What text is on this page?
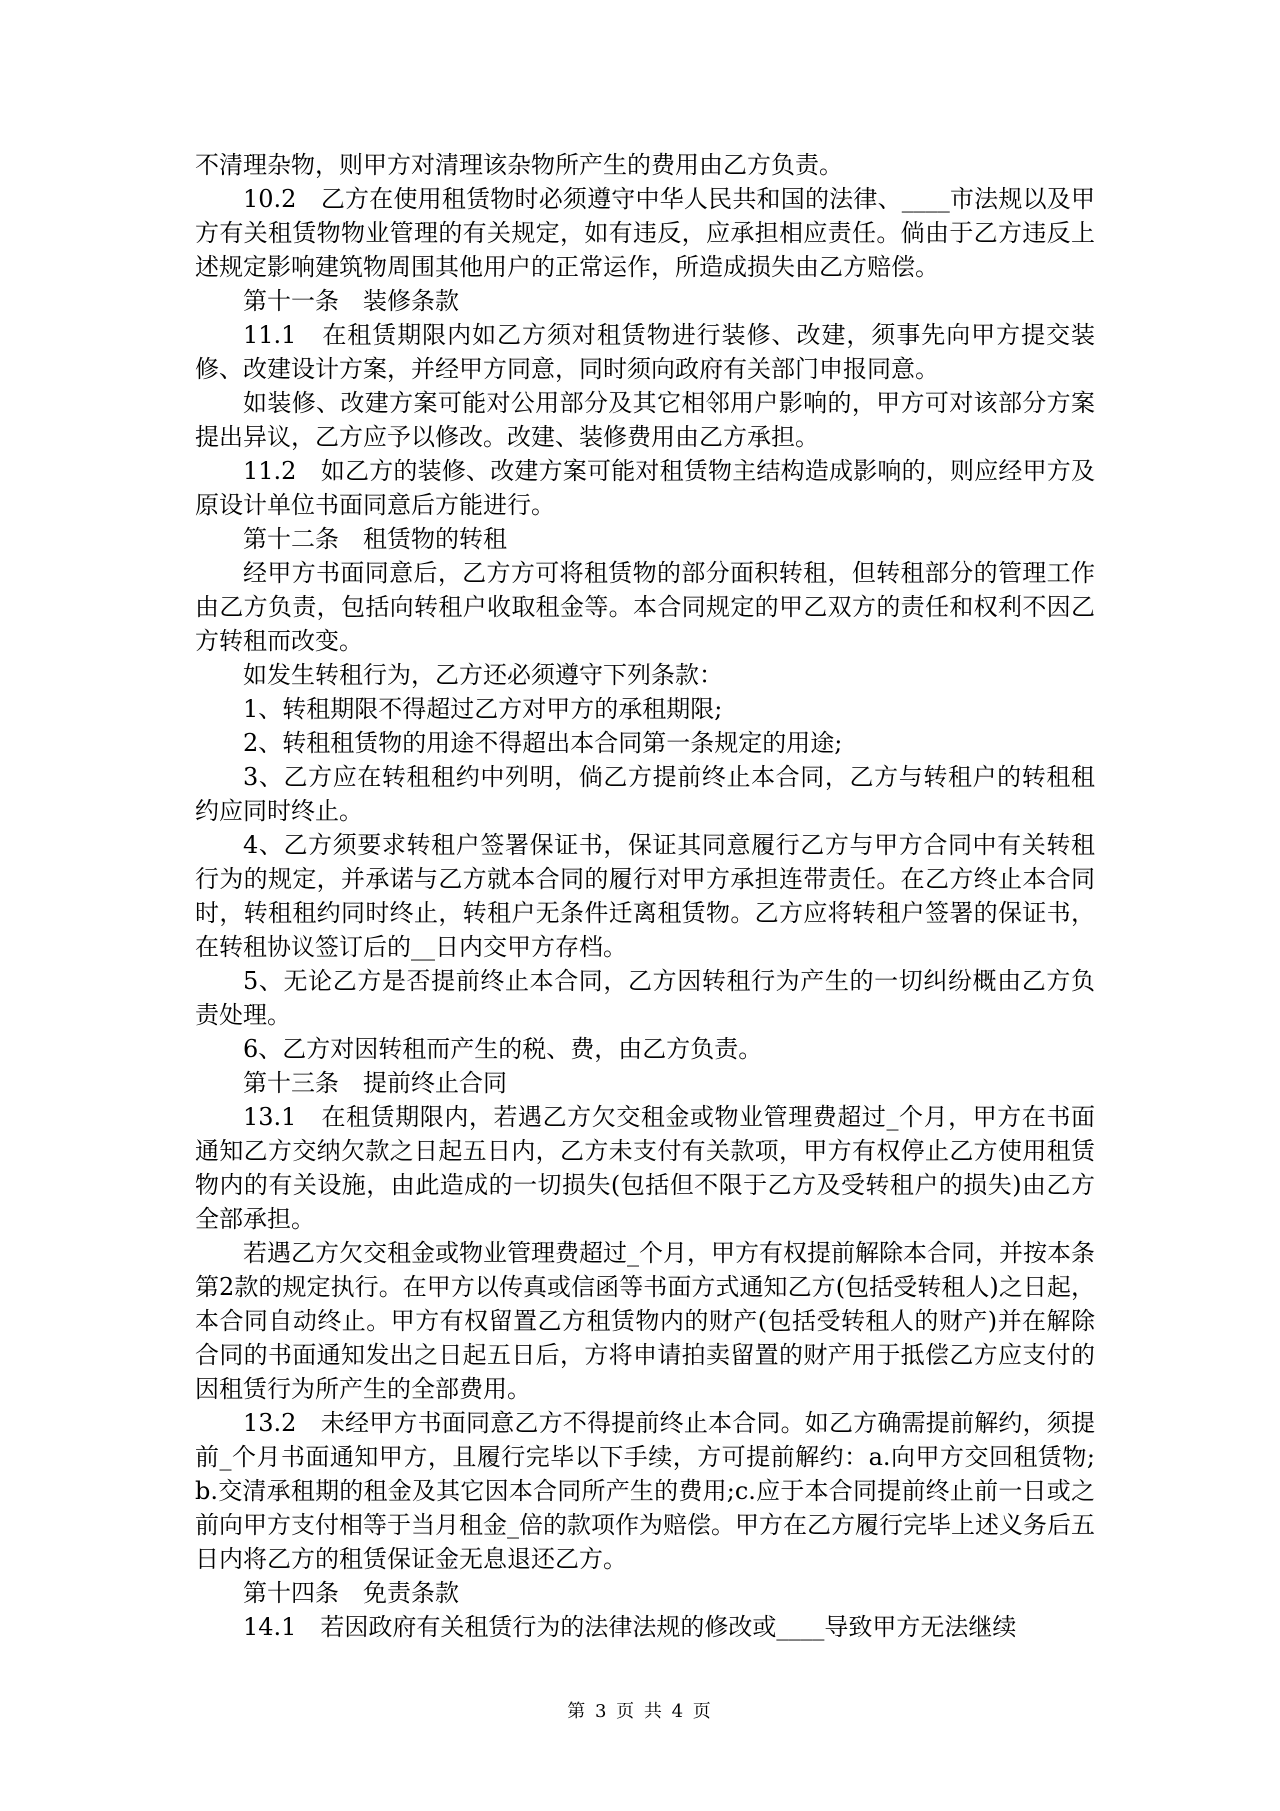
不清理杂物，则甲方对清理该杂物所产生的费用由乙方负责。

10.2　乙方在使用租赁物时必须遵守中华人民共和国的法律、____市法规以及甲方有关租赁物物业管理的有关规定，如有违反，应承担相应责任。倘由于乙方违反上述规定影响建筑物周围其他用户的正常运作，所造成损失由乙方赔偿。

第十一条　装修条款

11.1　在租赁期限内如乙方须对租赁物进行装修、改建，须事先向甲方提交装修、改建设计方案，并经甲方同意，同时须向政府有关部门申报同意。

如装修、改建方案可能对公用部分及其它相邻用户影响的，甲方可对该部分方案提出异议，乙方应予以修改。改建、装修费用由乙方承担。

11.2　如乙方的装修、改建方案可能对租赁物主结构造成影响的，则应经甲方及原设计单位书面同意后方能进行。

第十二条　租赁物的转租

经甲方书面同意后，乙方方可将租赁物的部分面积转租，但转租部分的管理工作由乙方负责，包括向转租户收取租金等。本合同规定的甲乙双方的责任和权利不因乙方转租而改变。

如发生转租行为，乙方还必须遵守下列条款：

1、转租期限不得超过乙方对甲方的承租期限;

2、转租租赁物的用途不得超出本合同第一条规定的用途;

3、乙方应在转租租约中列明，倘乙方提前终止本合同，乙方与转租户的转租租约应同时终止。

4、乙方须要求转租户签署保证书，保证其同意履行乙方与甲方合同中有关转租行为的规定，并承诺与乙方就本合同的履行对甲方承担连带责任。在乙方终止本合同时，转租租约同时终止，转租户无条件迁离租赁物。乙方应将转租户签署的保证书，在转租协议签订后的__日内交甲方存档。

5、无论乙方是否提前终止本合同，乙方因转租行为产生的一切纠纷概由乙方负责处理。

6、乙方对因转租而产生的税、费，由乙方负责。

第十三条　提前终止合同

13.1　在租赁期限内，若遇乙方欠交租金或物业管理费超过_个月，甲方在书面通知乙方交纳欠款之日起五日内，乙方未支付有关款项，甲方有权停止乙方使用租赁物内的有关设施，由此造成的一切损失(包括但不限于乙方及受转租户的损失)由乙方全部承担。

若遇乙方欠交租金或物业管理费超过_个月，甲方有权提前解除本合同，并按本条第2款的规定执行。在甲方以传真或信函等书面方式通知乙方(包括受转租人)之日起，本合同自动终止。甲方有权留置乙方租赁物内的财产(包括受转租人的财产)并在解除合同的书面通知发出之日起五日后，方将申请拍卖留置的财产用于抵偿乙方应支付的因租赁行为所产生的全部费用。

13.2　未经甲方书面同意乙方不得提前终止本合同。如乙方确需提前解约，须提前_个月书面通知甲方，且履行完毕以下手续，方可提前解约：a.向甲方交回租赁物;b.交清承租期的租金及其它因本合同所产生的费用;c.应于本合同提前终止前一日或之前向甲方支付相等于当月租金_倍的款项作为赔偿。甲方在乙方履行完毕上述义务后五日内将乙方的租赁保证金无息退还乙方。

第十四条　免责条款

14.1　若因政府有关租赁行为的法律法规的修改或____导致甲方无法继续

第 3 页 共 4 页
